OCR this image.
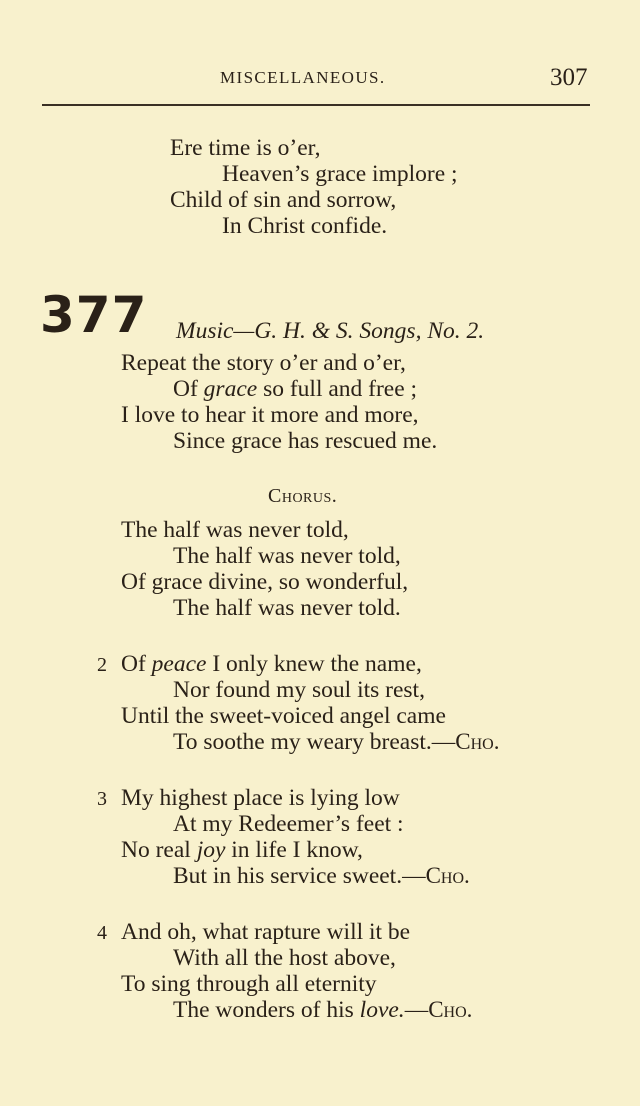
MISCELLANEOUS.	307
Ere time is o’er,
Heaven’s grace implore ;
Child of sin and sorrow,
In Christ confide.
377 Music—G. H. & S. Songs, No. 2.
Repeat the story o’er and o’er,
Of grace so full and free ;
I love to hear it more and more,
Since grace has rescued me.
Chorus.
The half was never told,
The half was never told,
Of grace divine, so wonderful,
The half was never told.
2 Of peace I only knew the name,
Nor found my soul its rest,
Until the sweet-voiced angel came
To soothe my weary breast.—Cho.
3 My highest place is lying low
At my Redeemer’s feet :
No real joy in life I know,
But in his service sweet.—Cho.
4 And oh, what rapture will it be
With all the host above,
To sing through all eternity
The wonders of his love.—Cho.
